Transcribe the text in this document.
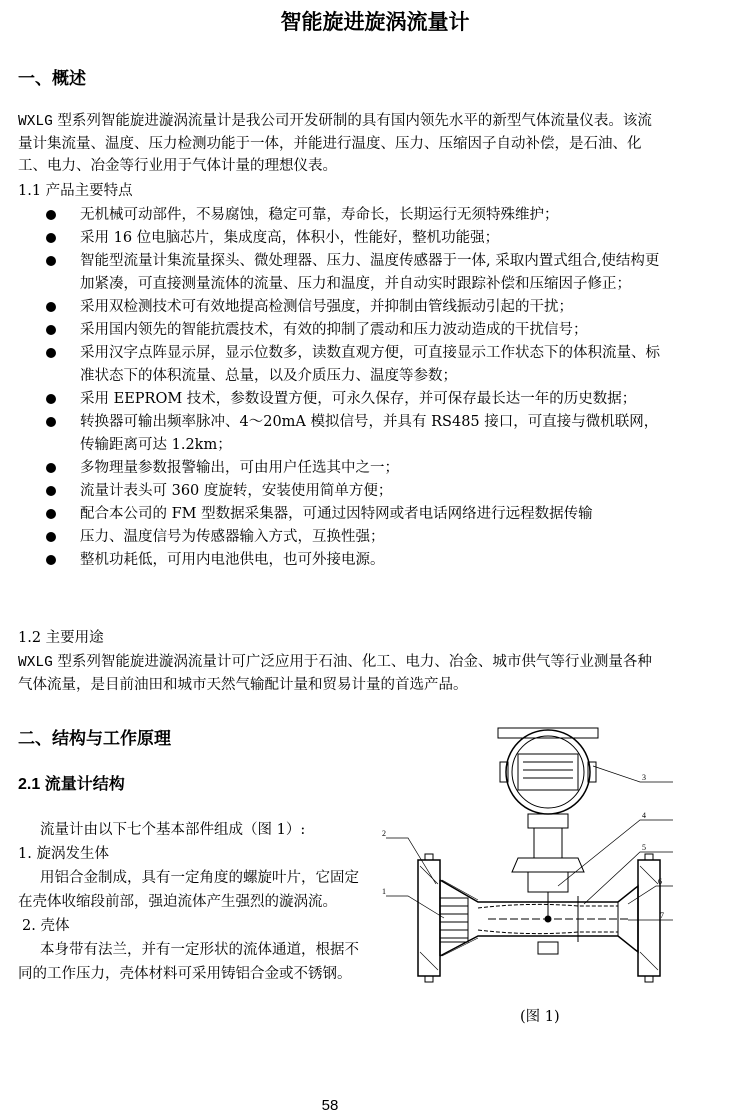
智能旋进旋涡流量计
一、概述

WXLG 型系列智能旋进漩涡流量计是我公司开发研制的具有国内领先水平的新型气体流量仪表。该流量计集流量、温度、压力检测功能于一体，并能进行温度、压力、压缩因子自动补偿，是石油、化工、电力、冶金等行业用于气体计量的理想仪表。

1.1 产品主要特点
无机械可动部件，不易腐蚀，稳定可靠，寿命长，长期运行无须特殊维护；
采用 16 位电脑芯片，集成度高，体积小，性能好，整机功能强；
智能型流量计集流量探头、微处理器、压力、温度传感器于一体, 采取内置式组合,使结构更加紧凑，可直接测量流体的流量、压力和温度，并自动实时跟踪补偿和压缩因子修正；
采用双检测技术可有效地提高检测信号强度，并抑制由管线振动引起的干扰；
采用国内领先的智能抗震技术，有效的抑制了震动和压力波动造成的干扰信号；
采用汉字点阵显示屏，显示位数多，读数直观方便，可直接显示工作状态下的体积流量、标准状态下的体积流量、总量，以及介质压力、温度等参数；
采用 EEPROM 技术，参数设置方便，可永久保存，并可保存最长达一年的历史数据；
转换器可输出频率脉冲、4～20mA 模拟信号，并具有 RS485 接口，可直接与微机联网，传输距离可达 1.2km；
多物理量参数报警输出，可由用户任选其中之一；
流量计表头可 360 度旋转，安装使用简单方便；
配合本公司的 FM 型数据采集器，可通过因特网或者电话网络进行远程数据传输
压力、温度信号为传感器输入方式，互换性强；
整机功耗低，可用内电池供电，也可外接电源。
1.2 主要用途

WXLG 型系列智能旋进漩涡流量计可广泛应用于石油、化工、电力、冶金、城市供气等行业测量各种气体流量，是目前油田和城市天然气输配计量和贸易计量的首选产品。

二、结构与工作原理
2.1 流量计结构
流量计由以下七个基本部件组成（图 1）:
1. 旋涡发生体
用铝合金制成，具有一定角度的螺旋叶片，它固定在壳体收缩段前部，强迫流体产生强烈的漩涡流。
2. 壳体
本身带有法兰，并有一定形状的流体通道，根据不同的工作压力，壳体材料可采用铸铝合金或不锈钢。
1
2
3
4
5
6
7
(图 1)
58
